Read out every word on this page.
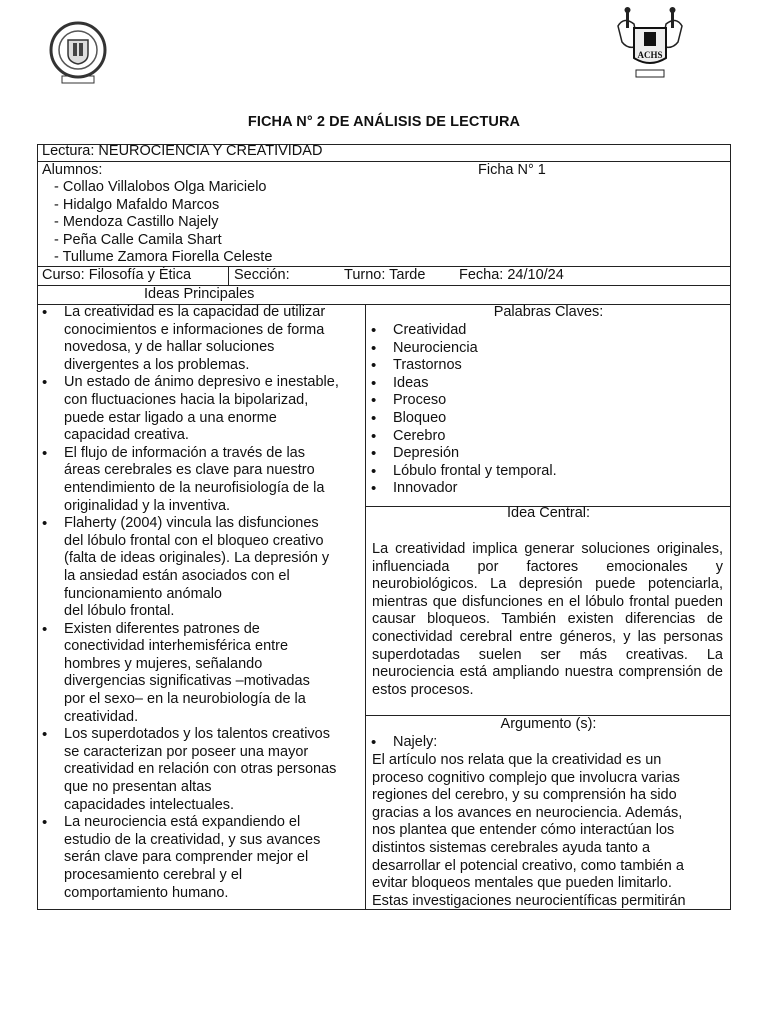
ACHS
FICHA N° 2 DE ANÁLISIS DE LECTURA
Lectura: NEUROCIENCIA Y CREATIVIDAD
Alumnos:	Ficha N° 1
- Collao Villalobos Olga Maricielo
- Hidalgo Mafaldo Marcos
- Mendoza Castillo Najely
- Peña Calle Camila Shart
- Tullume Zamora Fiorella Celeste
Curso: Filosofía y Ética	Sección:	Turno: Tarde Fecha: 24/10/24
Ideas Principales
• La creatividad es la capacidad de utilizar
conocimientos e informaciones de forma
novedosa, y de hallar soluciones
divergentes a los problemas.
• Un estado de ánimo depresivo e inestable,
con fluctuaciones hacia la bipolarizad,
puede estar ligado a una enorme
capacidad creativa.
• El flujo de información a través de las
áreas cerebrales es clave para nuestro
entendimiento de la neurofisiología de la
originalidad y la inventiva.
• Flaherty (2004) vincula las disfunciones
del lóbulo frontal con el bloqueo creativo
(falta de ideas originales). La depresión y
la ansiedad están asociados con el
funcionamiento anómalo
del lóbulo frontal.
• Existen diferentes patrones de
conectividad interhemisférica entre
hombres y mujeres, señalando
divergencias significativas –motivadas
por el sexo– en la neurobiología de la
creatividad.
• Los superdotados y los talentos creativos
se caracterizan por poseer una mayor
creatividad en relación con otras personas
que no presentan altas
capacidades intelectuales.
• La neurociencia está expandiendo el
estudio de la creatividad, y sus avances
serán clave para comprender mejor el
procesamiento cerebral y el
comportamiento humano.
Palabras Claves:
• Creatividad
• Neurociencia
• Trastornos
• Ideas
• Proceso
• Bloqueo
• Cerebro
• Depresión
• Lóbulo frontal y temporal.
• Innovador
Idea Central:
La creatividad implica generar soluciones originales, influenciada por factores emocionales y neurobiológicos. La depresión puede potenciarla, mientras que disfunciones en el lóbulo frontal pueden causar bloqueos. También existen diferencias de conectividad cerebral entre géneros, y las personas superdotadas suelen ser más creativas. La neurociencia está ampliando nuestra comprensión de estos procesos.
Argumento (s):
• Najely:
El artículo nos relata que la creatividad es un
proceso cognitivo complejo que involucra varias
regiones del cerebro, y su comprensión ha sido
gracias a los avances en neurociencia. Además,
nos plantea que entender cómo interactúan los
distintos sistemas cerebrales ayuda tanto a
desarrollar el potencial creativo, como también a
evitar bloqueos mentales que pueden limitarlo.
Estas investigaciones neurocientíficas permitirán
